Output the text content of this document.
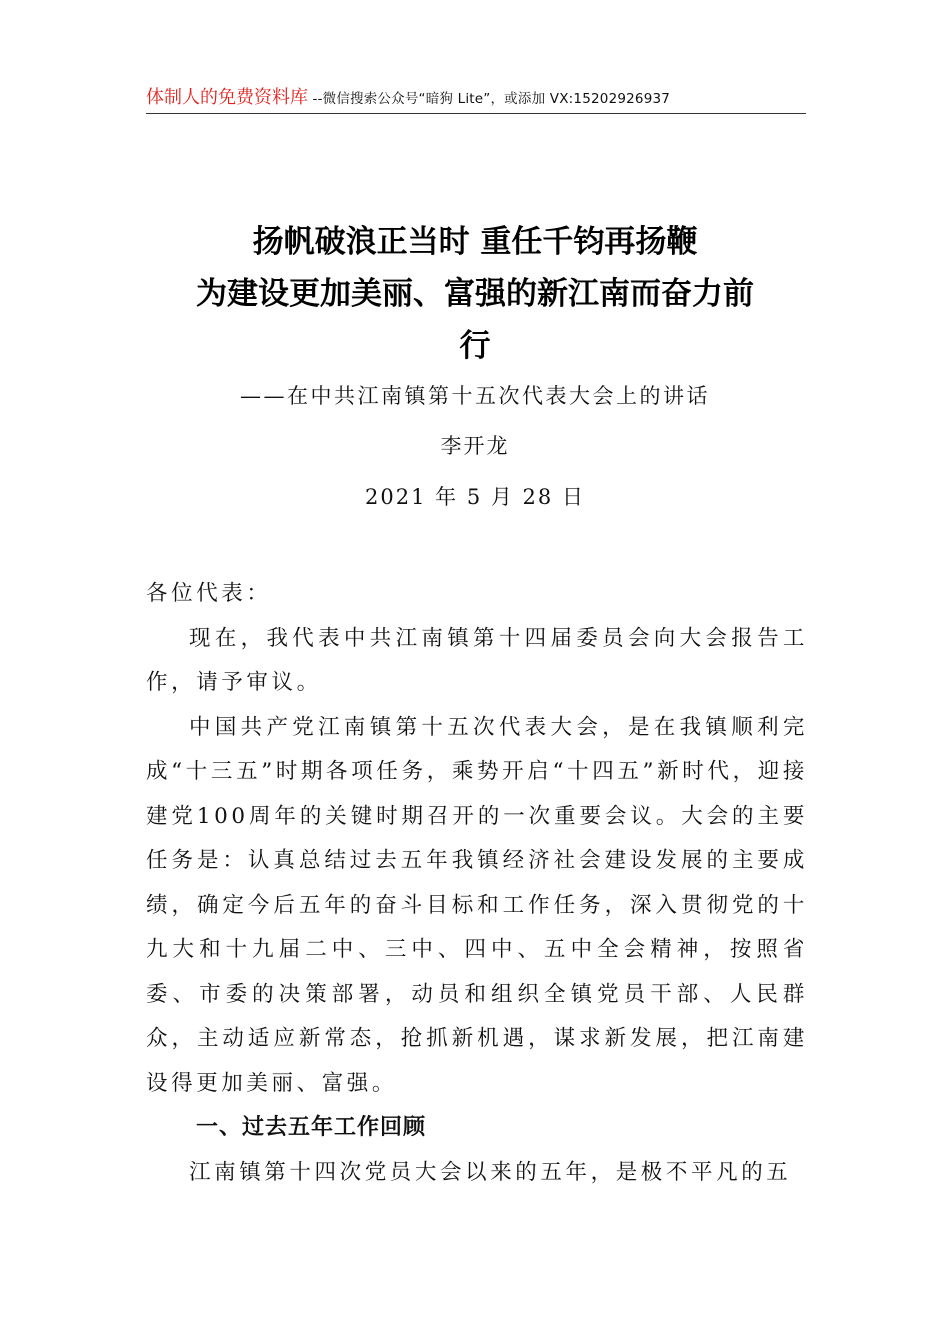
体制人的免费资料库 --微信搜索公众号“暗狗 Lite”，或添加 VX:15202926937
扬帆破浪正当时 重任千钧再扬鞭
为建设更加美丽、富强的新江南而奋力前
行
——在中共江南镇第十五次代表大会上的讲话
李开龙
2021 年 5 月 28 日

各位代表：

现在，我代表中共江南镇第十四届委员会向大会报告工作，请予审议。

中国共产党江南镇第十五次代表大会，是在我镇顺利完成“十三五”时期各项任务，乘势开启“十四五”新时代，迎接建党100周年的关键时期召开的一次重要会议。大会的主要任务是：认真总结过去五年我镇经济社会建设发展的主要成绩，确定今后五年的奋斗目标和工作任务，深入贯彻党的十九大和十九届二中、三中、四中、五中全会精神，按照省委、市委的决策部署，动员和组织全镇党员干部、人民群众，主动适应新常态，抢抓新机遇，谋求新发展，把江南建设得更加美丽、富强。

一、过去五年工作回顾

江南镇第十四次党员大会以来的五年，是极不平凡的五
